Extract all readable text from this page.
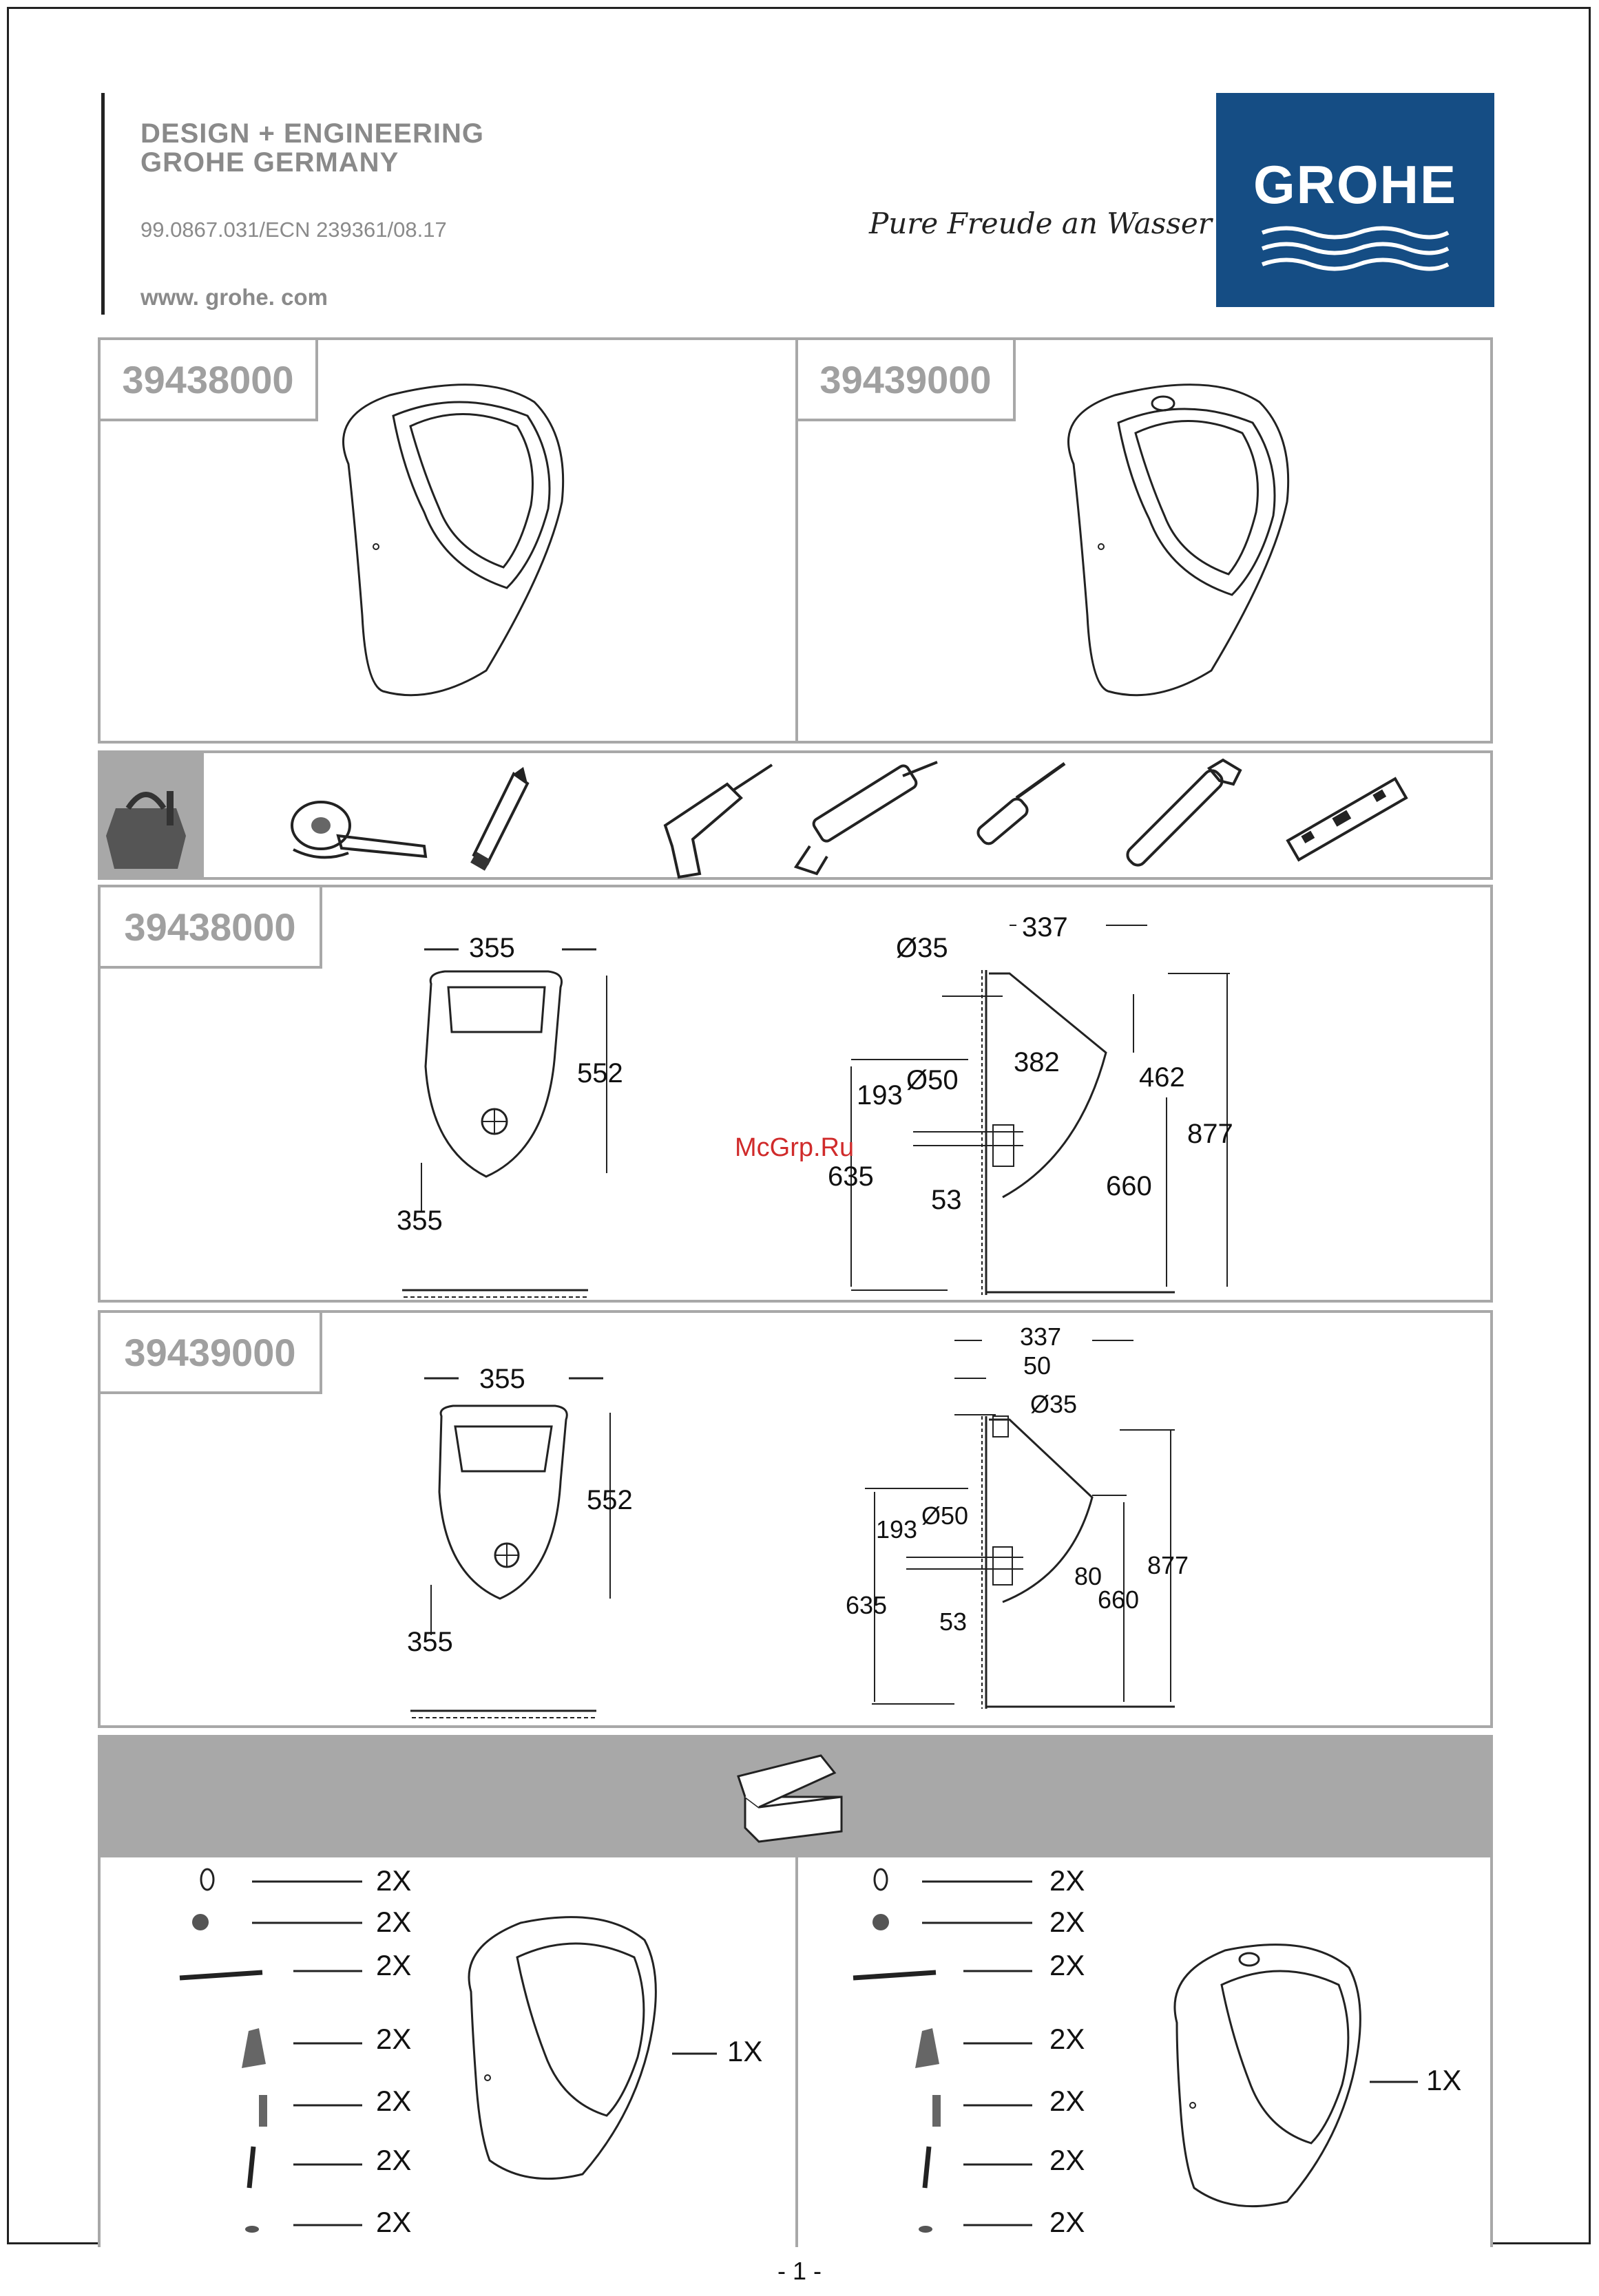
DESIGN + ENGINEERING
GROHE GERMANY
99.0867.031/ECN 239361/08.17
www. grohe. com
Pure Freude an Wasser
GROHE
39438000	39439000
39438000	355
552
355
337
Ø35
382	462
Ø50
193
877
635	660
53
39439000
355
552
355
337
50
Ø35
Ø50
193
877
80
660
635
53
McGrp.Ru
2X
2X
2X
2X
2X
2X
2X
1X
2X
2X
2X
2X
2X
2X
2X
1X
- 1 -
